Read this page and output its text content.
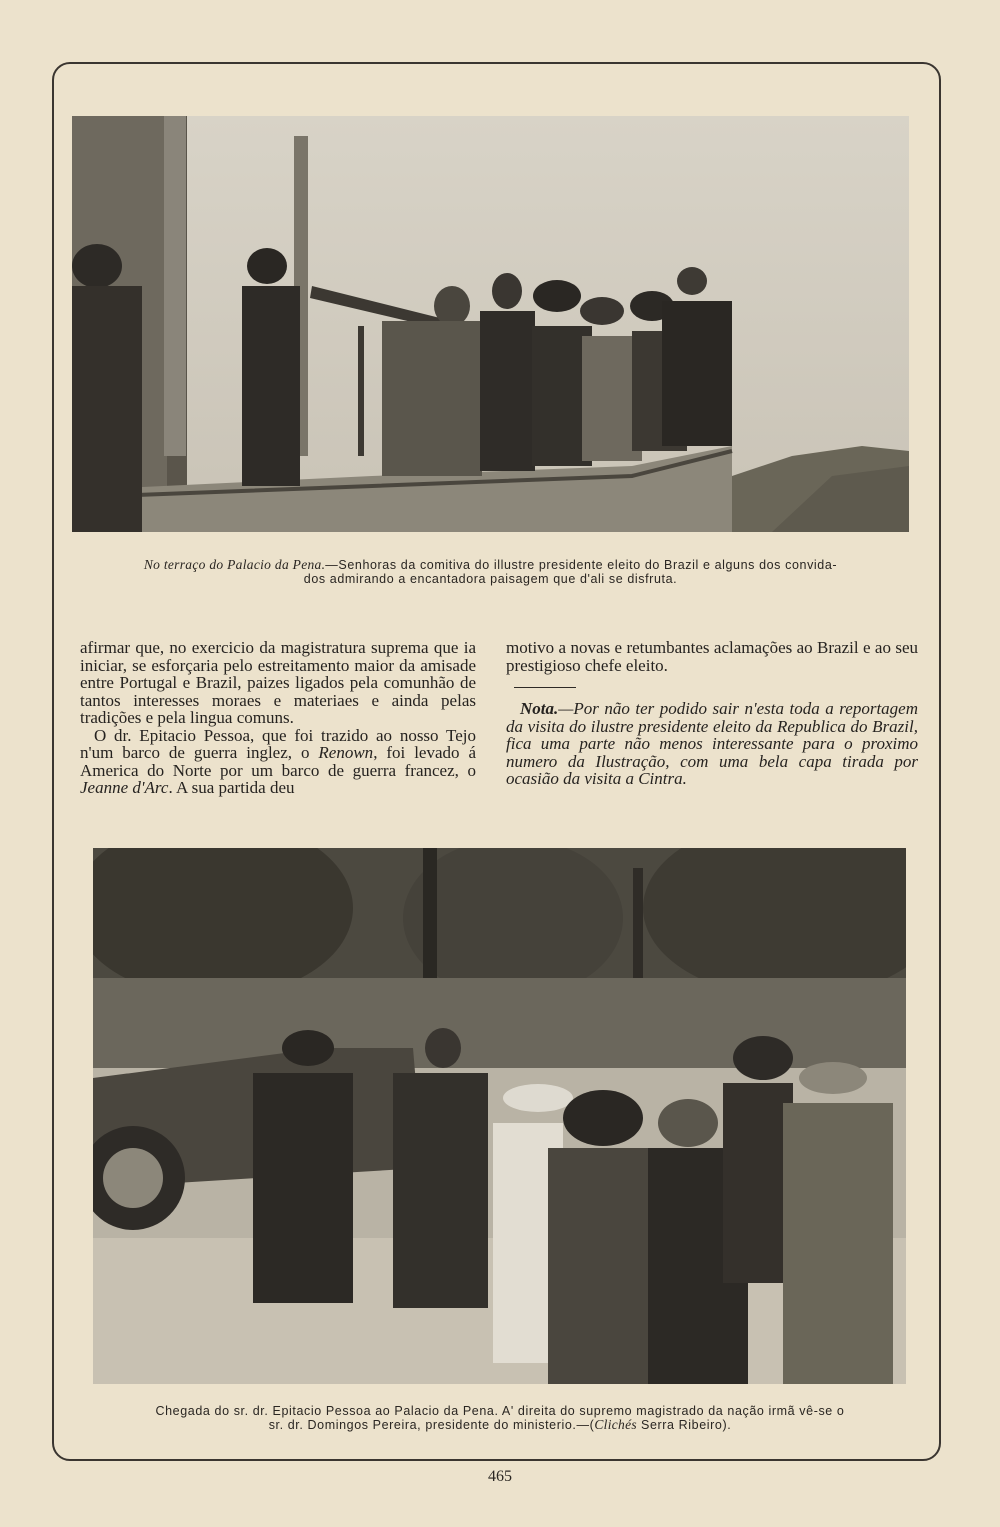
No terraço do Palacio da Pena.—Senhoras da comitiva do illustre presidente eleito do Brazil e alguns dos convida-
dos admirando a encantadora paisagem que d'ali se disfruta.

afirmar que, no exercicio da magistratura suprema que ia iniciar, se esforçaria pelo estreitamento maior da amisade entre Portugal e Brazil, paizes ligados pela comunhão de tantos interesses moraes e materiaes e ainda pelas tradições e pela lingua comuns.

O dr. Epitacio Pessoa, que foi trazido ao nosso Tejo n'um barco de guerra inglez, o Renown, foi levado á America do Norte por um barco de guerra francez, o Jeanne d'Arc. A sua partida deu

motivo a novas e retumbantes aclamações ao Brazil e ao seu prestigioso chefe eleito.

Nota.—Por não ter podido sair n'esta toda a reportagem da visita do ilustre presidente eleito da Republica do Brazil, fica uma parte não menos interessante para o proximo numero da Ilustração, com uma bela capa tirada por ocasião da visita a Cintra.

Chegada do sr. dr. Epitacio Pessoa ao Palacio da Pena. A' direita do supremo magistrado da nação irmã vê-se o
sr. dr. Domingos Pereira, presidente do ministerio.—(Clichés Serra Ribeiro).
465
